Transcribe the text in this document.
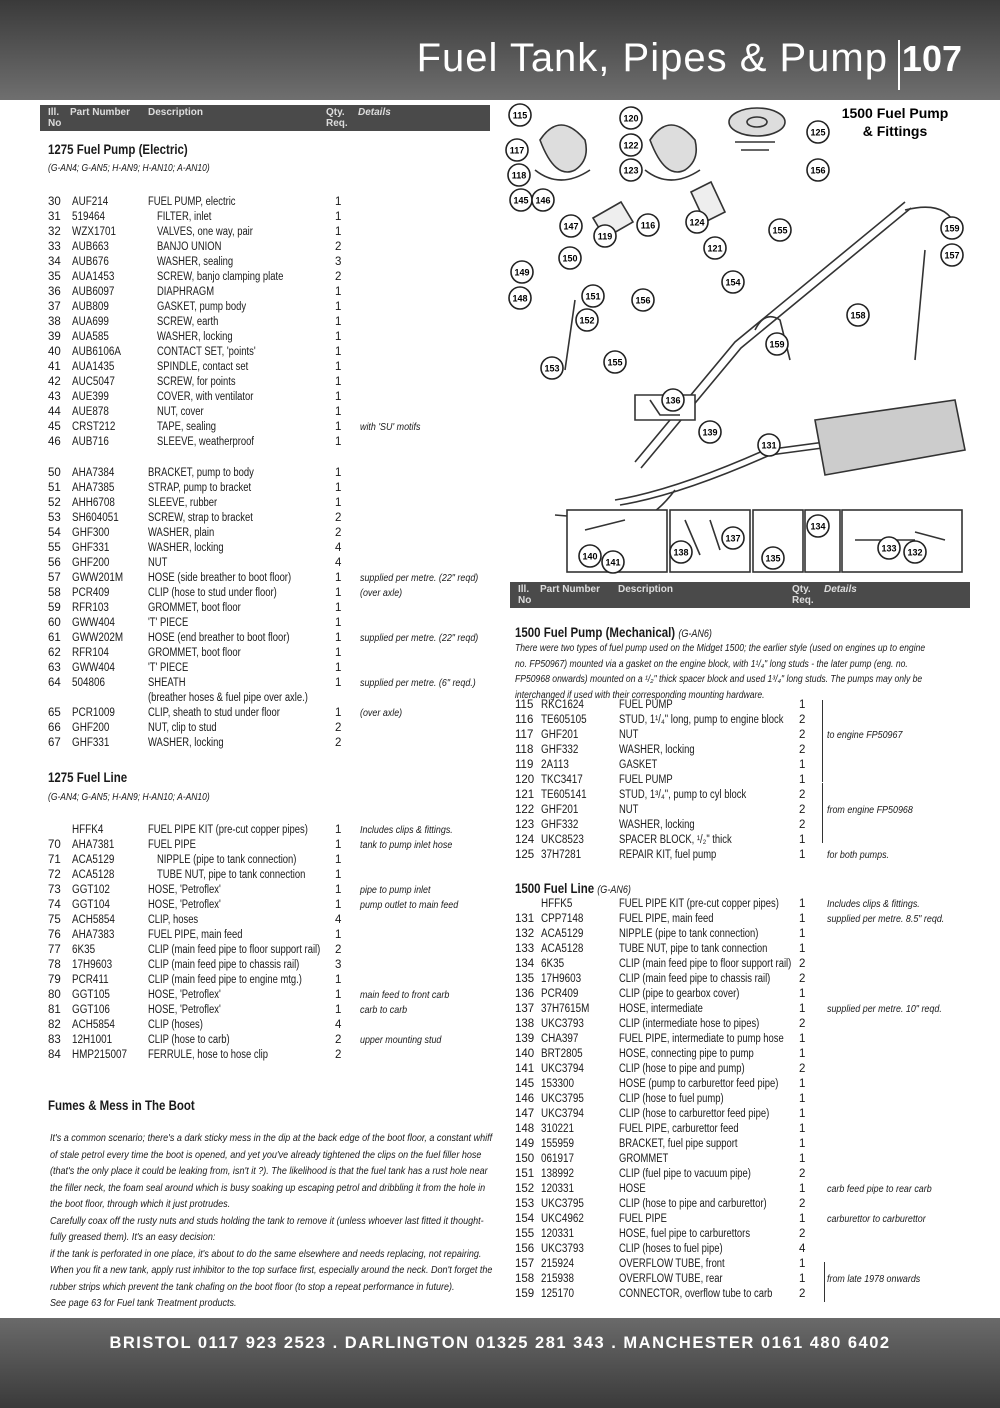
Fuel Tank, Pipes & Pump 107
Ill.
No
Part Number Description	Qty.
Req.
Details
1275 Fuel Pump (Electric)
(G-AN4; G-AN5; H-AN9; H-AN10; A-AN10)
30 AUF214	FUEL PUMP, electric	1
31 519464	FILTER, inlet	1
32 WZX1701	VALVES, one way, pair	1
33 AUB663	BANJO UNION	2
34 AUB676	WASHER, sealing	3
35 AUA1453	SCREW, banjo clamping plate	2
36 AUB6097	DIAPHRAGM	1
37 AUB809	GASKET, pump body	1
38 AUA699	SCREW, earth	1
39 AUA585	WASHER, locking	1
40 AUB6106A	CONTACT SET, 'points'	1
41 AUA1435	SPINDLE, contact set	1
42 AUC5047	SCREW, for points	1
43 AUE399	COVER, with ventilator	1
44 AUE878	NUT, cover	1
45 CRST212	TAPE, sealing	1 with 'SU' motifs
46 AUB716	SLEEVE, weatherproof	1
50 AHA7384	BRACKET, pump to body	1
51 AHA7385	STRAP, pump to bracket	1
52 AHH6708	SLEEVE, rubber	1
53 SH604051	SCREW, strap to bracket	2
54 GHF300	WASHER, plain	2
55 GHF331	WASHER, locking	4
56 GHF200	NUT	4
57 GWW201M HOSE (side breather to boot floor)	1 supplied per metre. (22" reqd)
58 PCR409	CLIP (hose to stud under floor)	1 (over axle)
59 RFR103	GROMMET, boot floor	1
60 GWW404	'T' PIECE	1
61 GWW202M HOSE (end breather to boot floor)	1 supplied per metre. (22" reqd)
62 RFR104	GROMMET, boot floor	1
63 GWW404	'T' PIECE	1
64 504806	SHEATH	1 supplied per metre. (6" reqd.)
(breather hoses & fuel pipe over axle.)
65 PCR1009	CLIP, sheath to stud under floor	1 (over axle)
66 GHF200	NUT, clip to stud	2
67 GHF331	WASHER, locking	2
1275 Fuel Line
(G-AN4; G-AN5; H-AN9; H-AN10; A-AN10)
HFFK4	FUEL PIPE KIT (pre-cut copper pipes) 1 Includes clips & fittings.
70 AHA7381	FUEL PIPE	1 tank to pump inlet hose
71 ACA5129	NIPPLE (pipe to tank connection)	1
72 ACA5128	TUBE NUT, pipe to tank connection	1
73 GGT102	HOSE, 'Petroflex'	1 pipe to pump inlet
74 GGT104	HOSE, 'Petroflex'	1 pump outlet to main feed
75 ACH5854	CLIP, hoses	4
76 AHA7383	FUEL PIPE, main feed	1
77 6K35	CLIP (main feed pipe to floor support rail) 2
78 17H9603	CLIP (main feed pipe to chassis rail)	3
79 PCR411	CLIP (main feed pipe to engine mtg.)	1
80 GGT105	HOSE, 'Petroflex'	1 main feed to front carb
81 GGT106	HOSE, 'Petroflex'	1 carb to carb
82 ACH5854	CLIP (hoses)	4
83 12H1001	CLIP (hose to carb)	2 upper mounting stud
84 HMP215007 FERRULE, hose to hose clip	2
Fumes & Mess in The Boot
It's a common scenario; there's a dark sticky mess in the dip at the back edge of the boot floor, a constant whiff
of stale petrol every time the boot is opened, and yet you've already tightened the clips on the fuel filler hose
(that's the only place it could be leaking from, isn't it ?). The likelihood is that the fuel tank has a rust hole near
the filler neck, the foam seal around which is busy soaking up escaping petrol and dribbling it from the hole in
the boot floor, through which it just protrudes.
Carefully coax off the rusty nuts and studs holding the tank to remove it (unless whoever last fitted it thought-
fully greased them). It's an easy decision:
if the tank is perforated in one place, it's about to do the same elsewhere and needs replacing, not repairing.
When you fit a new tank, apply rust inhibitor to the top surface first, especially around the neck. Don't forget the
rubber strips which prevent the tank chafing on the boot floor (to stop a repeat performance in future).
See page 63 for Fuel tank Treatment products.
115
117
118
120
122
123
125
156
145 146
147
119
116	124
121
155	159
157
149
150
151
152
148
153
155
156
154
158
159
136
139
131
140
141
138
137
135
134
133 132
1500 Fuel Pump
& Fittings
Ill.
No
Part Number Description	Qty.
Req.
Details
1500 Fuel Pump (Mechanical) (G-AN6)
There were two types of fuel pump used on the Midget 1500; the earlier style (used on engines up to engine
no. FP50967) mounted via a gasket on the engine block, with 1¹/₄" long studs - the later pump (eng. no.
FP50968 onwards) mounted on a ¹/₂" thick spacer block and used 1³/₄" long studs. The pumps may only be
interchanged if used with their corresponding mounting hardware.
115 RKC1624	FUEL PUMP	1
116 TE605105	STUD, 1¹/₄" long, pump to engine block 2
117 GHF201	NUT	2 to engine FP50967
118 GHF332	WASHER, locking	2
119 2A113	GASKET	1
120 TKC3417	FUEL PUMP	1
121 TE605141	STUD, 1³/₄", pump to cyl block	2
122 GHF201	NUT	2 from engine FP50968
123 GHF332	WASHER, locking	2
124 UKC8523	SPACER BLOCK, ¹/₂" thick	1
125 37H7281	REPAIR KIT, fuel pump	1 for both pumps.
1500 Fuel Line (G-AN6)
HFFK5	FUEL PIPE KIT (pre-cut copper pipes) 1 Includes clips & fittings.
131 CPP7148	FUEL PIPE, main feed	1 supplied per metre. 8.5" reqd.
132 ACA5129	NIPPLE (pipe to tank connection)	1
133 ACA5128	TUBE NUT, pipe to tank connection	1
134 6K35	CLIP (main feed pipe to floor support rail) 2
135 17H9603	CLIP (main feed pipe to chassis rail) 2
136 PCR409	CLIP (pipe to gearbox cover)	1
137 37H7615M	HOSE, intermediate	1 supplied per metre. 10" reqd.
138 UKC3793	CLIP (intermediate hose to pipes)	2
139 CHA397	FUEL PIPE, intermediate to pump hose 1
140 BRT2805	HOSE, connecting pipe to pump	1
141 UKC3794	CLIP (hose to pipe and pump)	2
145 153300	HOSE (pump to carburettor feed pipe) 1
146 UKC3795	CLIP (hose to fuel pump)	1
147 UKC3794	CLIP (hose to carburettor feed pipe)	1
148 310221	FUEL PIPE, carburettor feed	1
149 155959	BRACKET, fuel pipe support	1
150 061917	GROMMET	1
151 138992	CLIP (fuel pipe to vacuum pipe)	2
152 120331	HOSE	1 carb feed pipe to rear carb
153 UKC3795	CLIP (hose to pipe and carburettor)	2
154 UKC4962	FUEL PIPE	1 carburettor to carburettor
155 120331	HOSE, fuel pipe to carburettors	2
156 UKC3793	CLIP (hoses to fuel pipe)	4
157 215924	OVERFLOW TUBE, front	1
158 215938	OVERFLOW TUBE, rear	1 from late 1978 onwards
159 125170	CONNECTOR, overflow tube to carb 2
BRISTOL 0117 923 2523 . DARLINGTON 01325 281 343 . MANCHESTER 0161 480 6402
